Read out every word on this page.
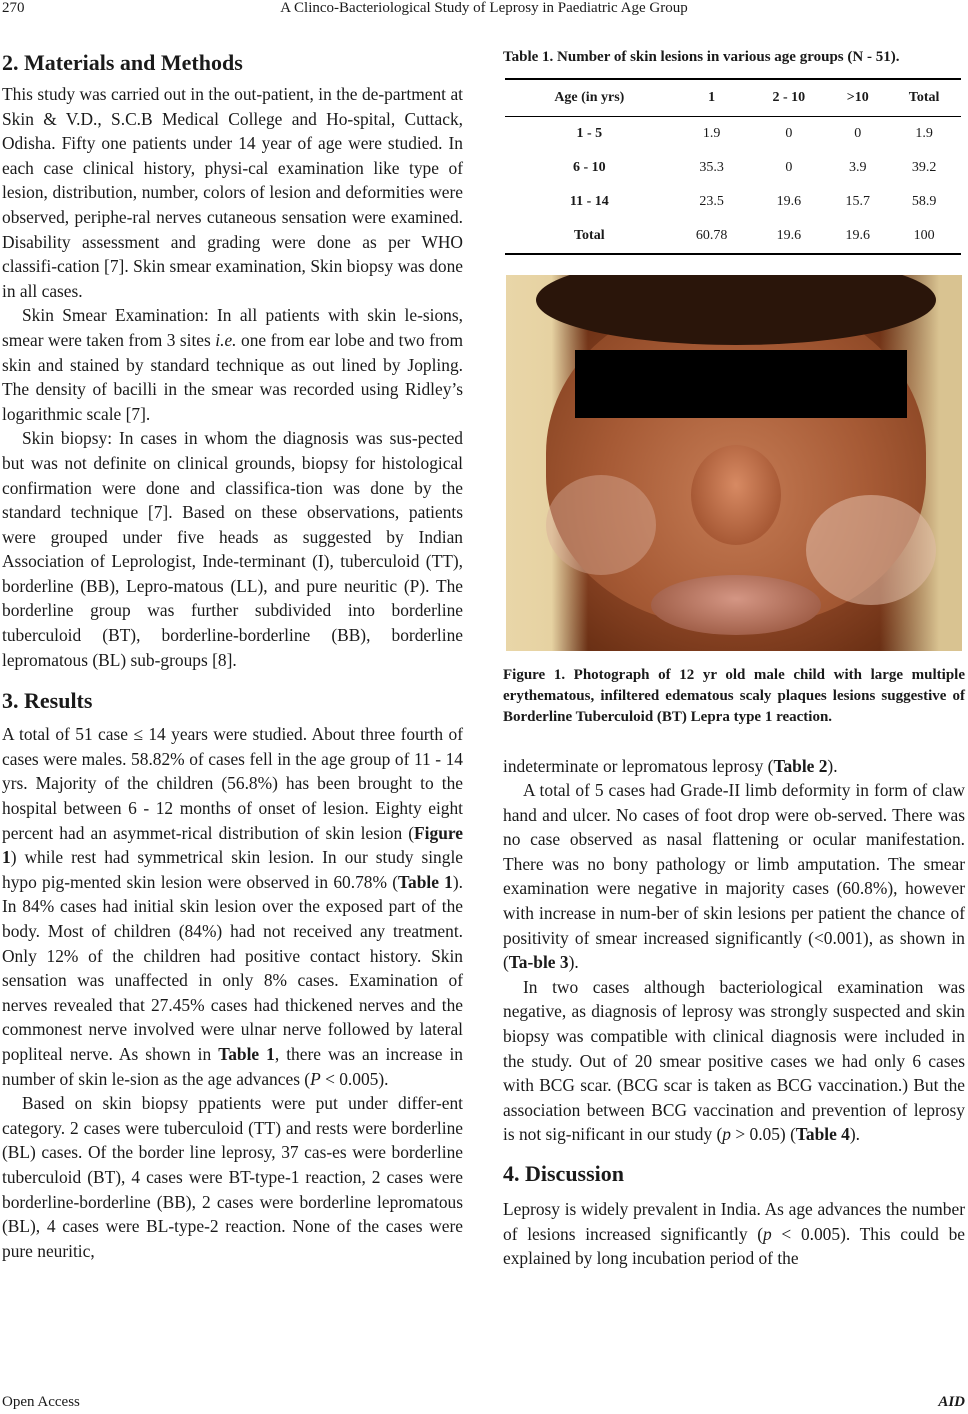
270	A Clinco-Bacteriological Study of Leprosy in Paediatric Age Group
2. Materials and Methods

This study was carried out in the out-patient, in the de-partment at Skin & V.D., S.C.B Medical College and Ho-spital, Cuttack, Odisha. Fifty one patients under 14 year of age were studied. In each case clinical history, physi-cal examination like type of lesion, distribution, number, colors of lesion and deformities were observed, periphe-ral nerves cutaneous sensation were examined. Disability assessment and grading were done as per WHO classifi-cation [7]. Skin smear examination, Skin biopsy was done in all cases.

Skin Smear Examination: In all patients with skin le-sions, smear were taken from 3 sites i.e. one from ear lobe and two from skin and stained by standard technique as out lined by Jopling. The density of bacilli in the smear was recorded using Ridley’s logarithmic scale [7].

Skin biopsy: In cases in whom the diagnosis was sus-pected but was not definite on clinical grounds, biopsy for histological confirmation were done and classifica-tion was done by the standard technique [7]. Based on these observations, patients were grouped under five heads as suggested by Indian Association of Leprologist, Inde-terminant (I), tuberculoid (TT), borderline (BB), Lepro-matous (LL), and pure neuritic (P). The borderline group was further subdivided into borderline tuberculoid (BT), borderline-borderline (BB), borderline lepromatous (BL) sub-groups [8].

3. Results

A total of 51 case ≤ 14 years were studied. About three fourth of cases were males. 58.82% of cases fell in the age group of 11 - 14 yrs. Majority of the children (56.8%) has been brought to the hospital between 6 - 12 months of onset of lesion. Eighty eight percent had an asymmet-rical distribution of skin lesion (Figure 1) while rest had symmetrical skin lesion. In our study single hypo pig-mented skin lesion were observed in 60.78% (Table 1). In 84% cases had initial skin lesion over the exposed part of the body. Most of children (84%) had not received any treatment. Only 12% of the children had positive contact history. Skin sensation was unaffected in only 8% cases. Examination of nerves revealed that 27.45% cases had thickened nerves and the commonest nerve involved were ulnar nerve followed by lateral popliteal nerve. As shown in Table 1, there was an increase in number of skin le-sion as the age advances (P < 0.005).

Based on skin biopsy ppatients were put under differ-ent category. 2 cases were tuberculoid (TT) and rests were borderline (BL) cases. Of the border line leprosy, 37 cas-es were borderline tuberculoid (BT), 4 cases were BT-type-1 reaction, 2 cases were borderline-borderline (BB), 2 cases were borderline lepromatous (BL), 4 cases were BL-type-2 reaction. None of the cases were pure neuritic,

Table 1. Number of skin lesions in various age groups (N - 51).

Age (in yrs)	1	2 - 10	>10	Total
1 - 5	1.9	0	0	1.9
6 - 10	35.3	0	3.9	39.2
11 - 14	23.5	19.6	15.7	58.9
Total	60.78	19.6	19.6	100

Figure 1. Photograph of 12 yr old male child with large multiple erythematous, infiltered edematous scaly plaques lesions suggestive of Borderline Tuberculoid (BT) Lepra type 1 reaction.

indeterminate or lepromatous leprosy (Table 2).

A total of 5 cases had Grade-II limb deformity in form of claw hand and ulcer. No cases of foot drop were ob-served. There was no case observed as nasal flattening or ocular manifestation. There was no bony pathology or limb amputation. The smear examination were negative in majority cases (60.8%), however with increase in num-ber of skin lesions per patient the chance of positivity of smear increased significantly (<0.001), as shown in (Ta-ble 3).

In two cases although bacteriological examination was negative, as diagnosis of leprosy was strongly suspected and skin biopsy was compatible with clinical diagnosis were included in the study. Out of 20 smear positive cases we had only 6 cases with BCG scar. (BCG scar is taken as BCG vaccination.) But the association between BCG vaccination and prevention of leprosy is not sig-nificant in our study (p > 0.05) (Table 4).

4. Discussion

Leprosy is widely prevalent in India. As age advances the number of lesions increased significantly (p < 0.005). This could be explained by long incubation period of the

Open Access	AID
